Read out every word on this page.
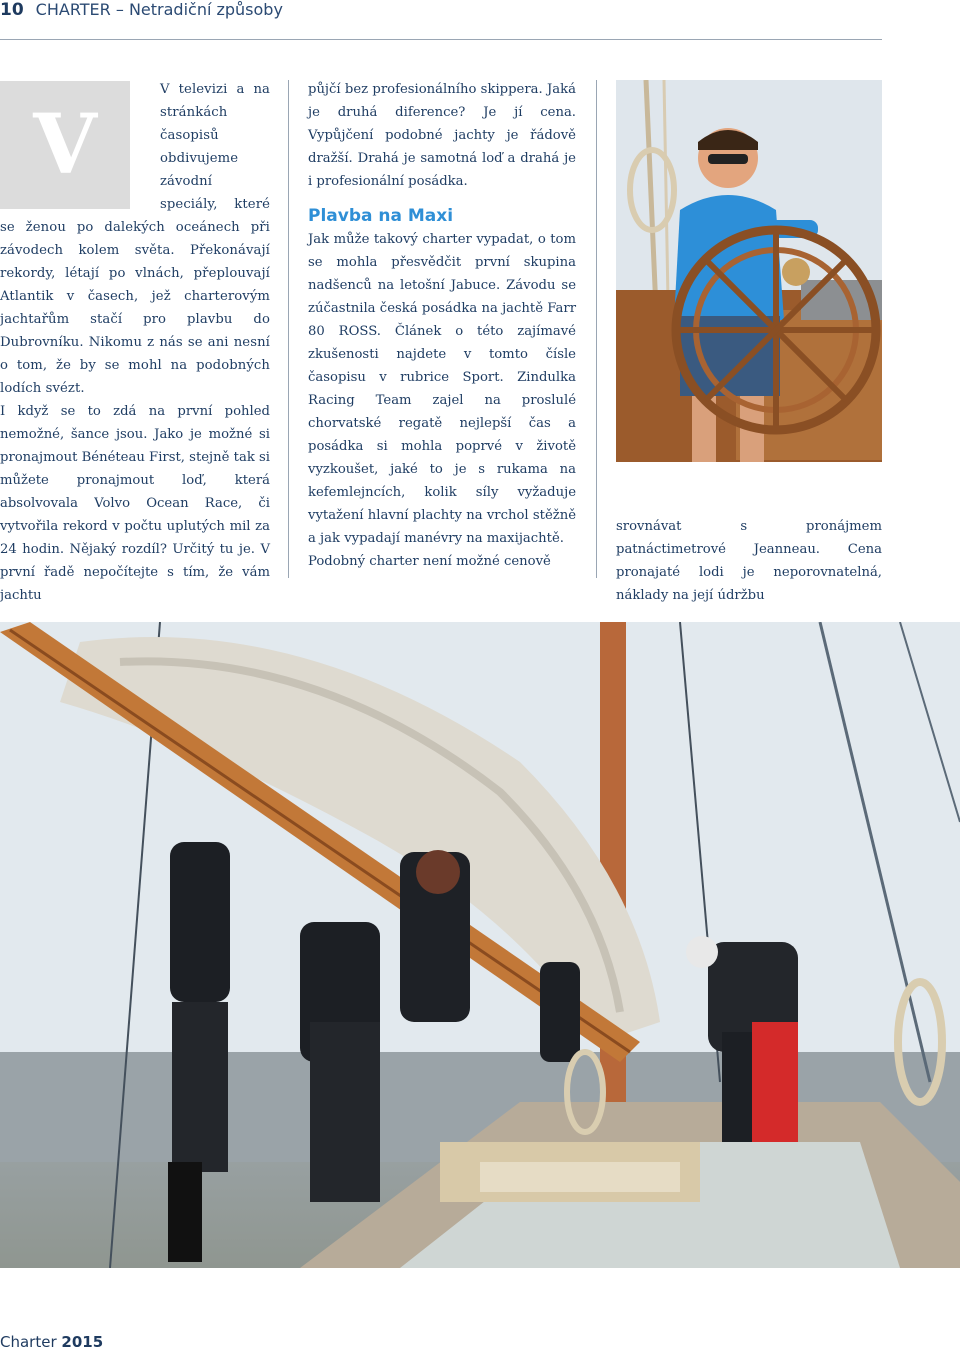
10 CHARTER – Netradiční způsoby
V

V televizi a na stránkách časopisů obdivujeme závodní speciály, které se ženou po dalekých oceánech při závodech kolem světa. Překonávají rekordy, létají po vlnách, přeplouvají Atlantik v časech, jež charterovým jachtařům stačí pro plavbu do Dubrovníku. Nikomu z nás se ani nesní o tom, že by se mohl na podobných lodích svézt.

I když se to zdá na první pohled nemožné, šance jsou. Jako je možné si pronajmout Bénéteau First, stejně tak si můžete pronajmout loď, která absolvovala Volvo Ocean Race, či vytvořila rekord v počtu uplutých mil za 24 hodin. Nějaký rozdíl? Určitý tu je. V první řadě nepočítejte s tím, že vám jachtu

půjčí bez profesionálního skippera. Jaká je druhá diference? Je jí cena. Vypůjčení podobné jachty je řádově dražší. Drahá je samotná loď a drahá je i profesionální posádka.

Plavba na Maxi

Jak může takový charter vypadat, o tom se mohla přesvědčit první skupina nadšenců na letošní Jabuce. Závodu se zúčastnila česká posádka na jachtě Farr 80 ROSS. Článek o této zajímavé zkušenosti najdete v tomto čísle časopisu v rubrice Sport. Zindulka Racing Team zajel na proslulé chorvatské regatě nejlepší čas a posádka si mohla poprvé v životě vyzkoušet, jaké to je s rukama na kefemlejncích, kolik síly vyžaduje vytažení hlavní plachty na vrchol stěžně a jak vypadají manévry na maxijachtě.

Podobný charter není možné cenově

srovnávat s pronájmem patnáctimetrové Jeanneau. Cena pronajaté lodi je neporovnatelná, náklady na její údržbu

Charter 2015
